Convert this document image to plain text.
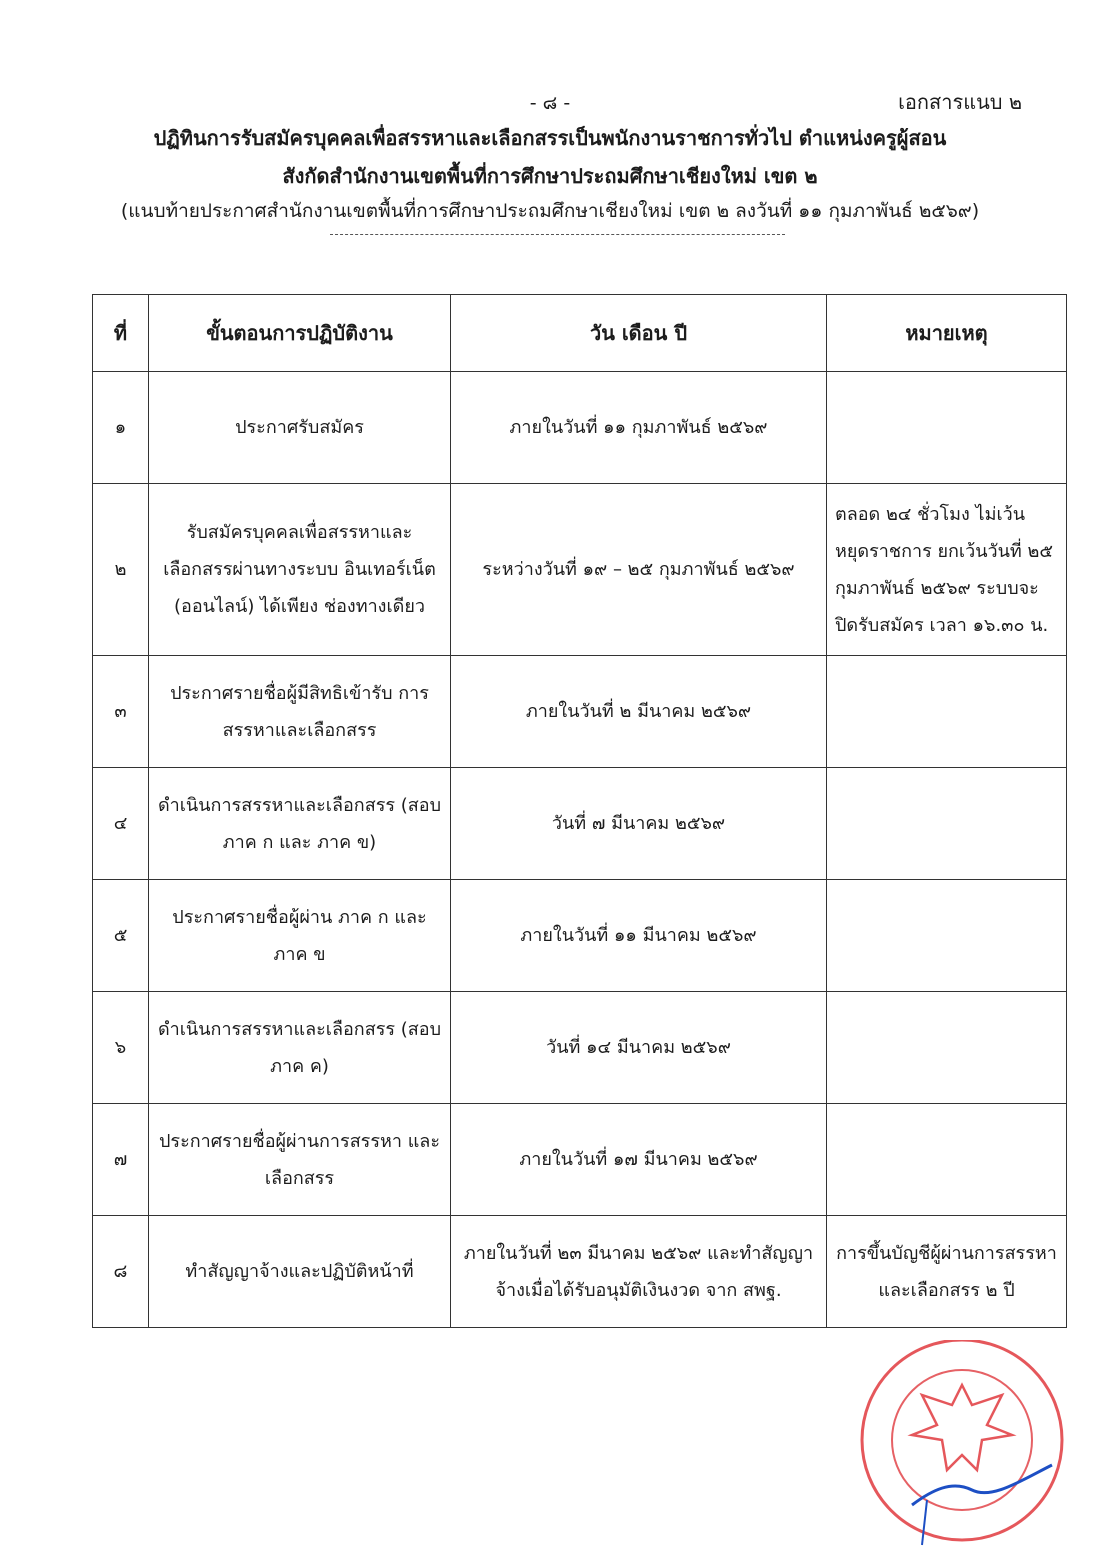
- ๘ -	เอกสารแนบ ๒
ปฏิทินการรับสมัครบุคคลเพื่อสรรหาและเลือกสรรเป็นพนักงานราชการทั่วไป ตำแหน่งครูผู้สอน
สังกัดสำนักงานเขตพื้นที่การศึกษาประถมศึกษาเชียงใหม่ เขต ๒
(แนบท้ายประกาศสำนักงานเขตพื้นที่การศึกษาประถมศึกษาเชียงใหม่ เขต ๒ ลงวันที่ ๑๑ กุมภาพันธ์ ๒๕๖๙)
ที่	ขั้นตอนการปฏิบัติงาน	วัน เดือน ปี	หมายเหตุ
๑	ประกาศรับสมัคร	ภายในวันที่ ๑๑ กุมภาพันธ์ ๒๕๖๙	
๒	รับสมัครบุคคลเพื่อสรรหาและ เลือกสรรผ่านทางระบบ อินเทอร์เน็ต (ออนไลน์) ได้เพียง ช่องทางเดียว	ระหว่างวันที่ ๑๙ – ๒๕ กุมภาพันธ์ ๒๕๖๙	ตลอด ๒๔ ชั่วโมง ไม่เว้นหยุดราชการ ยกเว้นวันที่ ๒๕ กุมภาพันธ์ ๒๕๖๙ ระบบจะปิดรับสมัคร เวลา ๑๖.๓๐ น.
๓	ประกาศรายชื่อผู้มีสิทธิเข้ารับ การสรรหาและเลือกสรร	ภายในวันที่ ๒ มีนาคม ๒๕๖๙	
๔	ดำเนินการสรรหาและเลือกสรร (สอบ ภาค ก และ ภาค ข)	วันที่ ๗ มีนาคม ๒๕๖๙	
๕	ประกาศรายชื่อผู้ผ่าน ภาค ก และ ภาค ข	ภายในวันที่ ๑๑ มีนาคม ๒๕๖๙	
๖	ดำเนินการสรรหาและเลือกสรร (สอบ ภาค ค)	วันที่ ๑๔ มีนาคม ๒๕๖๙	
๗	ประกาศรายชื่อผู้ผ่านการสรรหา และเลือกสรร	ภายในวันที่ ๑๗ มีนาคม ๒๕๖๙	
๘	ทำสัญญาจ้างและปฏิบัติหน้าที่	ภายในวันที่ ๒๓ มีนาคม ๒๕๖๙ และทำสัญญาจ้างเมื่อได้รับอนุมัติเงินงวด จาก สพฐ.	การขึ้นบัญชีผู้ผ่านการสรรหา และเลือกสรร ๒ ปี
